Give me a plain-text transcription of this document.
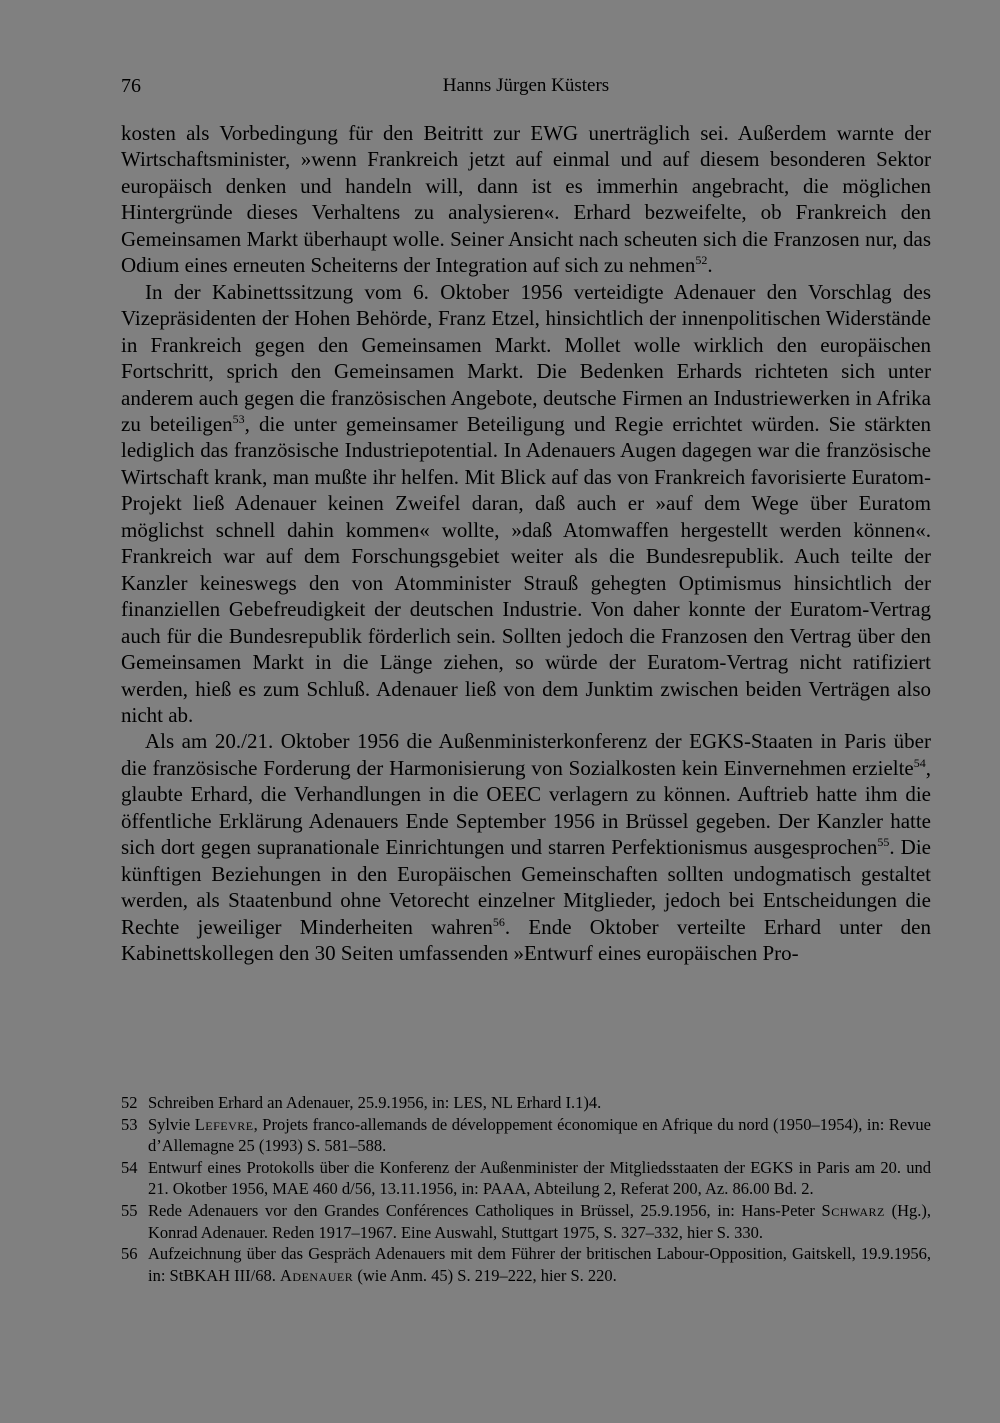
76	Hanns Jürgen Küsters

kosten als Vorbedingung für den Beitritt zur EWG unerträglich sei. Außerdem warnte der Wirtschaftsminister, »wenn Frankreich jetzt auf einmal und auf diesem besonderen Sektor europäisch denken und handeln will, dann ist es immerhin angebracht, die möglichen Hintergründe dieses Verhaltens zu analysieren«. Erhard bezweifelte, ob Frankreich den Gemeinsamen Markt überhaupt wolle. Seiner Ansicht nach scheuten sich die Franzosen nur, das Odium eines erneuten Scheiterns der Integration auf sich zu nehmen$^{52}$.

In der Kabinettssitzung vom 6. Oktober 1956 verteidigte Adenauer den Vorschlag des Vizepräsidenten der Hohen Behörde, Franz Etzel, hinsichtlich der innenpolitischen Widerstände in Frankreich gegen den Gemeinsamen Markt. Mollet wolle wirklich den europäischen Fortschritt, sprich den Gemeinsamen Markt. Die Bedenken Erhards richteten sich unter anderem auch gegen die französischen Angebote, deutsche Firmen an Industriewerken in Afrika zu beteiligen$^{53}$, die unter gemeinsamer Beteiligung und Regie errichtet würden. Sie stärkten lediglich das französische Industriepotential. In Adenauers Augen dagegen war die französische Wirtschaft krank, man mußte ihr helfen. Mit Blick auf das von Frankreich favorisierte Euratom-Projekt ließ Adenauer keinen Zweifel daran, daß auch er »auf dem Wege über Euratom möglichst schnell dahin kommen« wollte, »daß Atomwaffen hergestellt werden können«. Frankreich war auf dem Forschungsgebiet weiter als die Bundesrepublik. Auch teilte der Kanzler keineswegs den von Atomminister Strauß gehegten Optimismus hinsichtlich der finanziellen Gebefreudigkeit der deutschen Industrie. Von daher konnte der Euratom-Vertrag auch für die Bundesrepublik förderlich sein. Sollten jedoch die Franzosen den Vertrag über den Gemeinsamen Markt in die Länge ziehen, so würde der Euratom-Vertrag nicht ratifiziert werden, hieß es zum Schluß. Adenauer ließ von dem Junktim zwischen beiden Verträgen also nicht ab.

Als am 20./21. Oktober 1956 die Außenministerkonferenz der EGKS-Staaten in Paris über die französische Forderung der Harmonisierung von Sozialkosten kein Einvernehmen erzielte$^{54}$, glaubte Erhard, die Verhandlungen in die OEEC verlagern zu können. Auftrieb hatte ihm die öffentliche Erklärung Adenauers Ende September 1956 in Brüssel gegeben. Der Kanzler hatte sich dort gegen supranationale Einrichtungen und starren Perfektionismus ausgesprochen$^{55}$. Die künftigen Beziehungen in den Europäischen Gemeinschaften sollten undogmatisch gestaltet werden, als Staatenbund ohne Vetorecht einzelner Mitglieder, jedoch bei Entscheidungen die Rechte jeweiliger Minderheiten wahren$^{56}$. Ende Oktober verteilte Erhard unter den Kabinettskollegen den 30 Seiten umfassenden »Entwurf eines europäischen Pro-

52 Schreiben Erhard an Adenauer, 25.9.1956, in: LES, NL Erhard I.1)4.
53 Sylvie Lefevre, Projets franco-allemands de développement économique en Afrique du nord (1950–1954), in: Revue d’Allemagne 25 (1993) S. 581–588.
54 Entwurf eines Protokolls über die Konferenz der Außenminister der Mitgliedsstaaten der EGKS in Paris am 20. und 21. Okotber 1956, MAE 460 d/56, 13.11.1956, in: PAAA, Abteilung 2, Referat 200, Az. 86.00 Bd. 2.
55 Rede Adenauers vor den Grandes Conférences Catholiques in Brüssel, 25.9.1956, in: Hans-Peter Schwarz (Hg.), Konrad Adenauer. Reden 1917–1967. Eine Auswahl, Stuttgart 1975, S. 327–332, hier S. 330.
56 Aufzeichnung über das Gespräch Adenauers mit dem Führer der britischen Labour-Opposition, Gaitskell, 19.9.1956, in: StBKAH III/68. Adenauer (wie Anm. 45) S. 219–222, hier S. 220.
